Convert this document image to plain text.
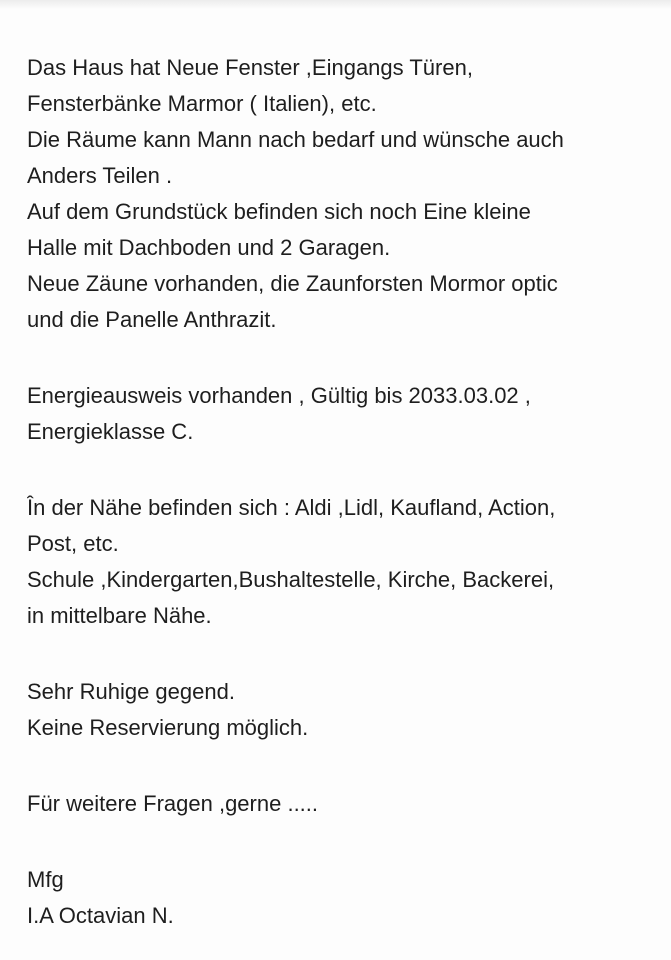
Das Haus hat Neue Fenster ,Eingangs Türen,
Fensterbänke Marmor ( Italien), etc.
Die Räume kann Mann nach bedarf und wünsche auch
Anders Teilen .
Auf dem Grundstück befinden sich noch Eine kleine
Halle mit Dachboden und 2 Garagen.
Neue Zäune vorhanden, die Zaunforsten Mormor optic
und die Panelle Anthrazit.
Energieausweis vorhanden , Gültig bis 2033.03.02 ,
Energieklasse C.
În der Nähe befinden sich : Aldi ,Lidl, Kaufland, Action,
Post, etc.
Schule ,Kindergarten,Bushaltestelle, Kirche, Backerei,
in mittelbare Nähe.
Sehr Ruhige gegend.
Keine Reservierung möglich.
Für weitere Fragen ,gerne .....
Mfg
I.A Octavian N.
